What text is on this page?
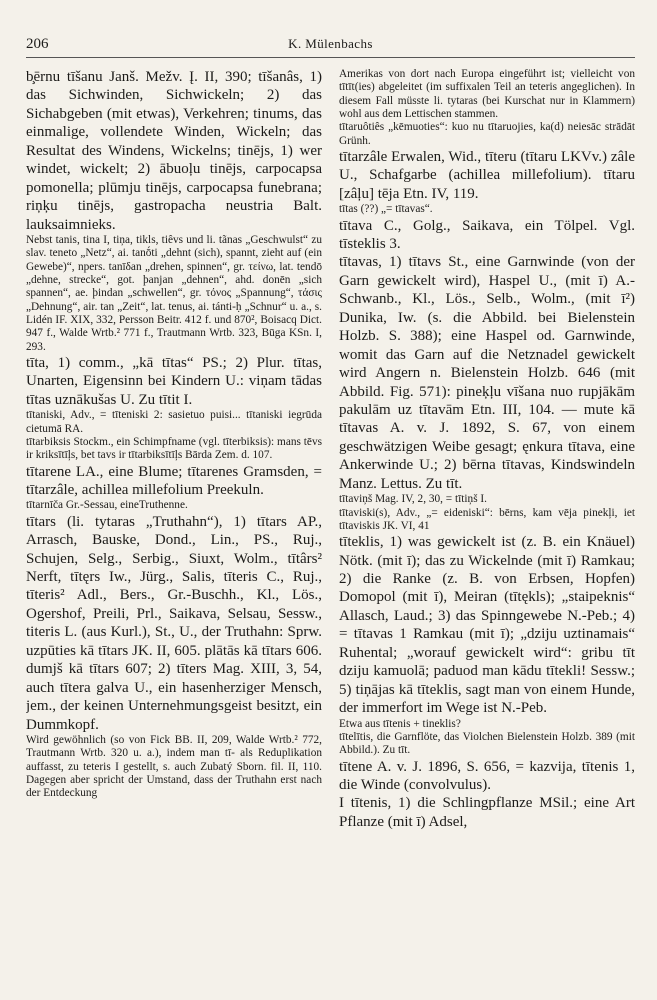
206	K. Mülenbachs

b̧ērnu tīšanu Janš. Mežv. Į. II, 390; tīšanâs, 1) das Sichwinden, Sichwickeln; 2) das Sichabgeben (mit etwas), Verkehren; tinums, das einmalige, vollendete Winden, Wickeln; das Resultat des Windens, Wickelns; tinējs, 1) wer windet, wickelt; 2) ābuoļu tinējs, carpocapsa pomonella; plūmju tinējs, carpocapsa funebrana; riņķu tinējs, gastropacha neustria Balt. lauksaimnieks.

Nebst tanis, tina I, tiņa, tikls, tiêvs und li. tãnas „Geschwulst“ zu slav. teneto „Netz“, ai. tanṓti „dehnt (sich), spannt, zieht auf (ein Gewebe)“, npers. tanīδan „drehen, spinnen“, gr. τείνω, lat. tendō „dehne, strecke“, got. þanjan „dehnen“, ahd. donēn „sich spannen“, ae. þindan „schwellen“, gr. τόνος „Spannung“, τάσις „Dehnung“, air. tan „Zeit“, lat. tenus, ai. tánti-ḥ „Schnur“ u. a., s. Lidén IF. XIX, 332, Persson Beitr. 412 f. und 870², Boisacq Dict. 947 f., Walde Wrtb.² 771 f., Trautmann Wrtb. 323, Būga KSn. I, 293.

tīta, 1) comm., „kā tītas“ PS.; 2) Plur. tītas, Unarten, Eigensinn bei Kindern U.: viņam tādas tītas uznākušas U. Zu tītit I.

tītaniski, Adv., = tīteniski 2: sasietuo puisi... tītaniski iegrūda cietumā RA.

tītarbiksis Stockm., ein Schimpfname (vgl. tīterbiksis): mans tēvs ir kriksītīļs, bet tavs ir tītarbiksītīļs Bārda Zem. d. 107.

tītarene LA., eine Blume; tītarenes Gramsden, = tītarzâle, achillea millefolium Preekuln.

tītarnīča Gr.-Sessau, eineTruthenne.

tītars (li. tytaras „Truthahn“), 1) tītars AP., Arrasch, Bauske, Dond., Lin., PS., Ruj., Schujen, Selg., Serbig., Siuxt, Wolm., tītârs² Nerft, tītęrs Iw., Jürg., Salis, tīteris C., Ruj., tīteris² Adl., Bers., Gr.-Buschh., Kl., Lös., Ogershof, Preili, Prl., Saikava, Selsau, Sessw., titeris L. (aus Kurl.), St., U., der Truthahn: Sprw. uzpūties kā tītars JK. II, 605. plātās kā tītars 606. dumjš kā tītars 607; 2) tīters Mag. XIII, 3, 54, auch tītera galva U., ein hasenherziger Mensch, jem., der keinen Unternehmungsgeist besitzt, ein Dummkopf.

Wird gewöhnlich (so von Fick BB. II, 209, Walde Wrtb.² 772, Trautmann Wrtb. 320 u. a.), indem man tī- als Reduplikation auffasst, zu teteris I gestellt, s. auch Zubatý Sborn. fil. II, 110. Dagegen aber spricht der Umstand, dass der Truthahn erst nach der Entdeckung

Amerikas von dort nach Europa eingeführt ist; vielleicht von tītīt(ies) abgeleitet (im suffixalen Teil an teteris angeglichen). In diesem Fall müsste li. tytaras (bei Kurschat nur in Klammern) wohl aus dem Lettischen stammen.

tītaruôtiês „kēmuoties“: kuo nu tītaruojies, ka(d) neiesāc strādāt Grünh.

tītarzâle Erwalen, Wid., tīteru (tītaru LKVv.) zâle U., Schafgarbe (achillea millefolium). tītaru [zâļu] tēja Etn. IV, 119.

tītas (??) „= tītavas“.

tītava C., Golg., Saikava, ein Tölpel. Vgl. tīsteklis 3.

tītavas, 1) tītavs St., eine Garnwinde (von der Garn gewickelt wird), Haspel U., (mit ī) A.-Schwanb., Kl., Lös., Selb., Wolm., (mit ī²) Dunika, Iw. (s. die Abbild. bei Bielenstein Holzb. S. 388); eine Haspel od. Garnwinde, womit das Garn auf die Netznadel gewickelt wird Angern n. Bielenstein Holzb. 646 (mit Abbild. Fig. 571): pineķļu vīšana nuo rupjākām pakulām uz tītavām Etn. III, 104. — mute kā tītavas A. v. J. 1892, S. 67, von einem geschwätzigen Weibe gesagt; ęnkura tītava, eine Ankerwinde U.; 2) bērna tītavas, Kindswindeln Manz. Lettus. Zu tīt.

tītaviņš Mag. IV, 2, 30, = tītiņš I.

tītaviski(s), Adv., „= eideniski“: bērns, kam vēja pinekļi, iet tītaviskis JK. VI, 41

tīteklis, 1) was gewickelt ist (z. B. ein Knäuel) Nötk. (mit ī); das zu Wickelnde (mit ī) Ramkau; 2) die Ranke (z. B. von Erbsen, Hopfen) Domopol (mit ī), Meiran (tītękls); „staipeknis“ Allasch, Laud.; 3) das Spinngewebe N.-Peb.; 4) = tītavas 1 Ramkau (mit ī); „dziju uztinamais“ Ruhental; „worauf gewickelt wird“: gribu tīt dziju kamuolā; paduod man kādu tītekli! Sessw.; 5) tiņājas kā tīteklis, sagt man von einem Hunde, der immerfort im Wege ist N.-Peb.

Etwa aus tītenis + tineklis?

tītelītis, die Garnflöte, das Violchen Bielenstein Holzb. 389 (mit Abbild.). Zu tīt.

tītene A. v. J. 1896, S. 656, = kazvija, tītenis 1, die Winde (convolvulus).

I tītenis, 1) die Schlingpflanze MSil.; eine Art Pflanze (mit ī) Adsel,
